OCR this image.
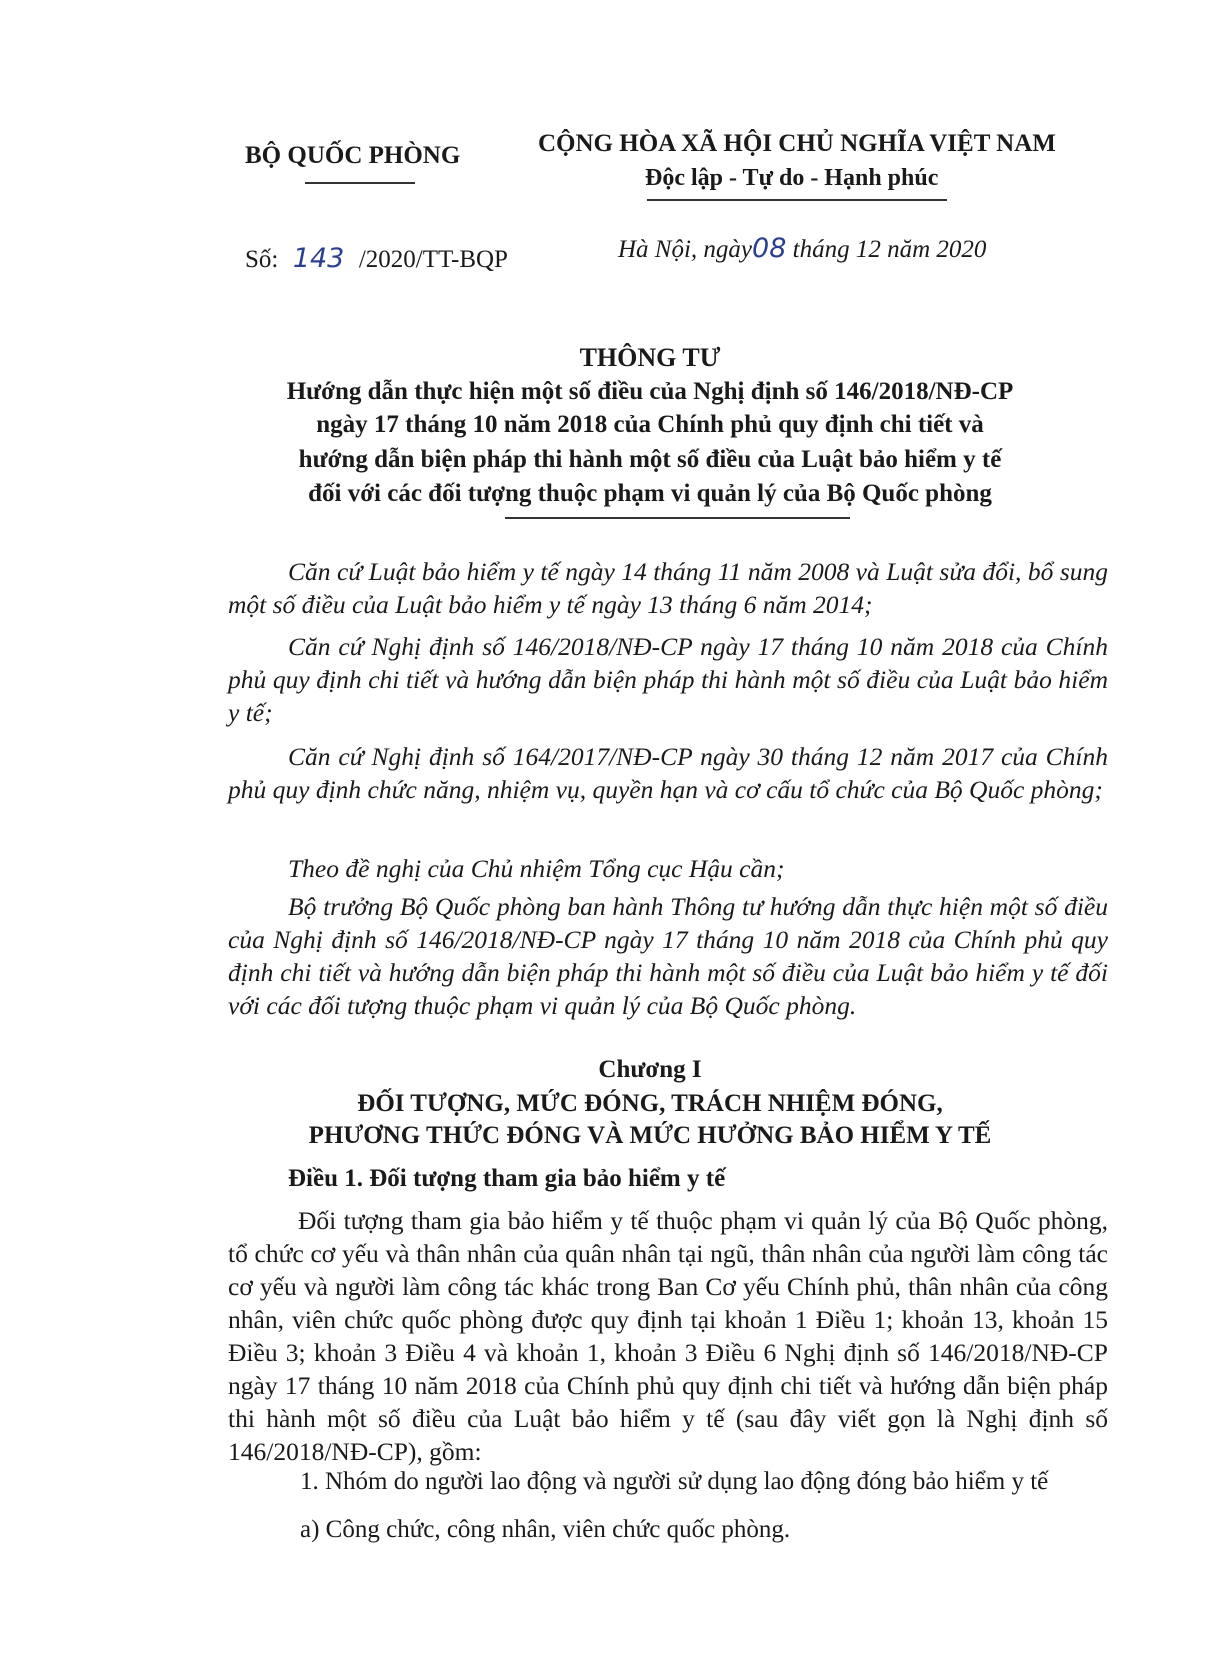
BỘ QUỐC PHÒNG	CỘNG HÒA XÃ HỘI CHỦ NGHĨA VIỆT NAM
Độc lập - Tự do - Hạnh phúc
Số: 143 /2020/TT-BQP	Hà Nội, ngày08 tháng 12 năm 2020
THÔNG TƯ
Hướng dẫn thực hiện một số điều của Nghị định số 146/2018/NĐ-CP
ngày 17 tháng 10 năm 2018 của Chính phủ quy định chi tiết và
hướng dẫn biện pháp thi hành một số điều của Luật bảo hiểm y tế
đối với các đối tượng thuộc phạm vi quản lý của Bộ Quốc phòng
Căn cứ Luật bảo hiểm y tế ngày 14 tháng 11 năm 2008 và Luật sửa đổi, bổ sung một số điều của Luật bảo hiểm y tế ngày 13 tháng 6 năm 2014;
Căn cứ Nghị định số 146/2018/NĐ-CP ngày 17 tháng 10 năm 2018 của Chính phủ quy định chi tiết và hướng dẫn biện pháp thi hành một số điều của Luật bảo hiểm y tế;
Căn cứ Nghị định số 164/2017/NĐ-CP ngày 30 tháng 12 năm 2017 của Chính phủ quy định chức năng, nhiệm vụ, quyền hạn và cơ cấu tổ chức của Bộ Quốc phòng;
Theo đề nghị của Chủ nhiệm Tổng cục Hậu cần;
Bộ trưởng Bộ Quốc phòng ban hành Thông tư hướng dẫn thực hiện một số điều của Nghị định số 146/2018/NĐ-CP ngày 17 tháng 10 năm 2018 của Chính phủ quy định chi tiết và hướng dẫn biện pháp thi hành một số điều của Luật bảo hiểm y tế đối với các đối tượng thuộc phạm vi quản lý của Bộ Quốc phòng.
Chương I
ĐỐI TƯỢNG, MỨC ĐÓNG, TRÁCH NHIỆM ĐÓNG,
PHƯƠNG THỨC ĐÓNG VÀ MỨC HƯỞNG BẢO HIỂM Y TẾ
Điều 1. Đối tượng tham gia bảo hiểm y tế
Đối tượng tham gia bảo hiểm y tế thuộc phạm vi quản lý của Bộ Quốc phòng, tổ chức cơ yếu và thân nhân của quân nhân tại ngũ, thân nhân của người làm công tác cơ yếu và người làm công tác khác trong Ban Cơ yếu Chính phủ, thân nhân của công nhân, viên chức quốc phòng được quy định tại khoản 1 Điều 1; khoản 13, khoản 15 Điều 3; khoản 3 Điều 4 và khoản 1, khoản 3 Điều 6 Nghị định số 146/2018/NĐ-CP ngày 17 tháng 10 năm 2018 của Chính phủ quy định chi tiết và hướng dẫn biện pháp thi hành một số điều của Luật bảo hiểm y tế (sau đây viết gọn là Nghị định số 146/2018/NĐ-CP), gồm:
1. Nhóm do người lao động và người sử dụng lao động đóng bảo hiểm y tế
a) Công chức, công nhân, viên chức quốc phòng.
